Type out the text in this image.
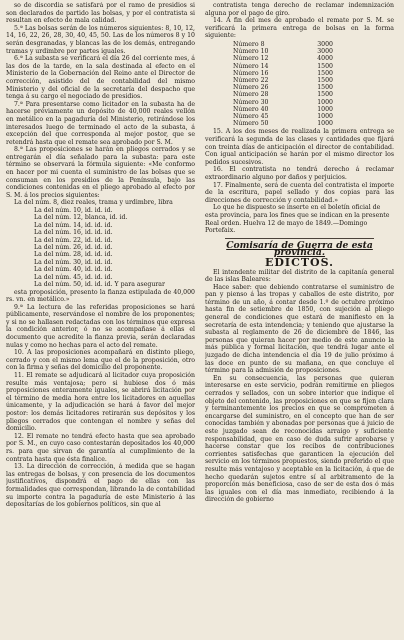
so de discordia se satisfará por el ramo de presidios si son declarados de partido las bolsas, y por el contratista si resultan en efecto de mala calidad.

5.ª Las bolsas serán de los números siguientes: 8, 10, 12, 14, 16, 22, 26, 28, 30, 40, 45, 50. Las de los números 8 y 10 serán desgranadas, y blancas las de los demás, entregando tramas y urdimbre por partes iguales.

6.ª La subasta se verificará el día 26 del corriente mes, á las dos de la tarde, en la sala destinada al efecto en el Ministerio de la Gobernación del Reino ante el Director de corrección, asistido del de contabilidad del mismo Ministerio y del oficial de la secretaría del despacho que tenga á su cargo el negociado de presidios.

7.ª Para presentarse como licitador en la subasta ha de hacerse préviamente un depósito de 40,000 reales vellón en metálico en la pagaduría del Ministerio, retirándose los interesados luego de terminado el acto de la subasta, á excepción del que corresponda al mejor postor, que se retendrá hasta que el remate sea aprobado por S. M.

8.ª Las proposiciones se harán en pliegos cerrados y se entregarán el día señalado para la subasta: para este término se observará la fórmula siguiente: «Me conformo en hacer por mi cuenta el suministro de las bolsas que se consuman en los presidios de la Península, bajo las condiciones contenidas en el pliego aprobado al efecto por S. M. á los precios siguientes:

La del núm. 8, diez reales, trama y urdimbre, libra

La del núm. 10, id. id. id.
La del núm. 12, blanca, id. id.
La del núm. 14, id. id. id.
La del núm. 16, id. id. id.
La del núm. 22, id. id. id.
La del núm. 26, id. id. id.
La del núm. 28, id. id. id.
La del núm. 30, id. id. id.
La del núm. 40, id. id. id.
La del núm. 45, id. id. id.
La del núm. 50, id. id. id. Y para asegurar

esta proposición, presento la fianza estipulada de 40,000 rs. vn. en metálico.»

9.ª La lectura de las referidas proposiciones se hará públicamente, reservándose el nombre de los proponentes; y si no se hallasen redactadas con los términos que expresa la condición anterior, ó no se acompañase á ellas el documento que acredite la fianza previa, serán declaradas nulas y como no hechas para el acto del remate.

10. A las proposiciones acompañará en distinto pliego, cerrado y con el mismo lema que el de la proposición, otro con la firma y señas del domicilio del proponente.

11. El remate se adjudicará al licitador cuya proposición resulte más ventajosa; pero si hubiese dos ó más proposiciones enteramente iguales, se abrirá licitación por el término de media hora entre los licitadores en aquellas únicamente, y la adjudicación se hará á favor del mejor postor: los demás licitadores retirarán sus depósitos y los pliegos cerrados que contengan el nombre y señas del domicilio.

12. El remate no tendrá efecto hasta que sea aprobado por S. M., en cuyo caso contestarán depositados los 40,000 rs. para que sirvan de garantía al cumplimiento de la contrata hasta que ésta finalice.

13. La dirección de corrección, á medida que se hagan las entregas de bolsas, y con presencia de los documentos justificativos, dispondrá el pago de ellas con las formalidades que correspondan, librando la de contabilidad su importe contra la pagaduría de este Ministerio á las depositarías de los gobiernos políticos, sin que al

contratista tenga derecho de reclamar indemnización alguna por el pago de giro.

14. A fin del mes de aprobado el remate por S. M. se verificará la primera entrega de bolsas en la forma siguiente:

Número 8	3000
Número 10	3000
Número 12	4000
Número 14	1500
Número 16	1500
Número 22	1500
Número 26	1500
Número 28	1500
Número 30	1000
Número 40	1000
Número 45	1000
Número 50	1000

15. A los dos meses de realizada la primera entrega se verificará la segunda de las clases y cantidades que fijará con treinta días de anticipación el director de contabilidad. Con igual anticipación se harán por el mismo director los pedidos sucesivos.

16. El contratista no tendrá derecho á reclamar extraordinario alguno por daños y perjuicios.

17. Finalmente, será de cuenta del contratista el importe de la escritura, papel sellado y dos copias para las direcciones de corrección y contabilidad.»

Lo que he dispuesto se inserte en el boletín oficial de esta provincia, para los fines que se indican en la presente Real orden. Huelva 12 de mayo de 1849.—Domingo Portefaix.

Comisaría de Guerra de esta provincia.
EDICTOS.

El intendente militar del distrito de la capitanía general de las islas Baleares:

Hace saber: que debiendo contratarse el suministro de pan y pienso á las tropas y caballos de este distrito, por término de un año, á contar desde 1.º de octubre próximo hasta fin de setiembre de 1850, con sujeción al pliego general de condiciones que estará de manifiesto en la secretaría de esta intendencia; y teniendo que ajustarse la subasta al reglamento de 26 de diciembre de 1846, las personas que quieran hacer por medio de este anuncio la más pública y formal licitación, que tendrá lugar ante el juzgado de dicha intendencia el día 19 de julio próximo á las doce en punto de su mañana, en que concluye el término para la admisión de proposiciones.

En su consecuencia, las personas que quieran interesarse en este servicio, podrán remitirme en pliegos cerrados y sellados, con un sobre interior que indique el objeto del contenido, las proposiciones en que se fijen clara y terminantemente los precios en que se comprometen á encargarse del suministro, en el concepto que han de ser conocidas también y abonadas por personas que á juicio de este juzgado sean de reconocidas arraigo y suficiente responsabilidad, que en caso de duda sufrir aprobarse y hacerse constar que los recibos de contribuciones corrientes satisfechas que garanticen la ejecución del servicio en los términos propuestos, siendo preferido el que resulte más ventajoso y aceptable en la licitación, á que de hecho quedarán sujetos entre sí al arbitramento de la proporción más beneficiosa, caso de ser de esta dos ó más las iguales con el día mas inmediato, recibiendo á la dirección de gobierno
